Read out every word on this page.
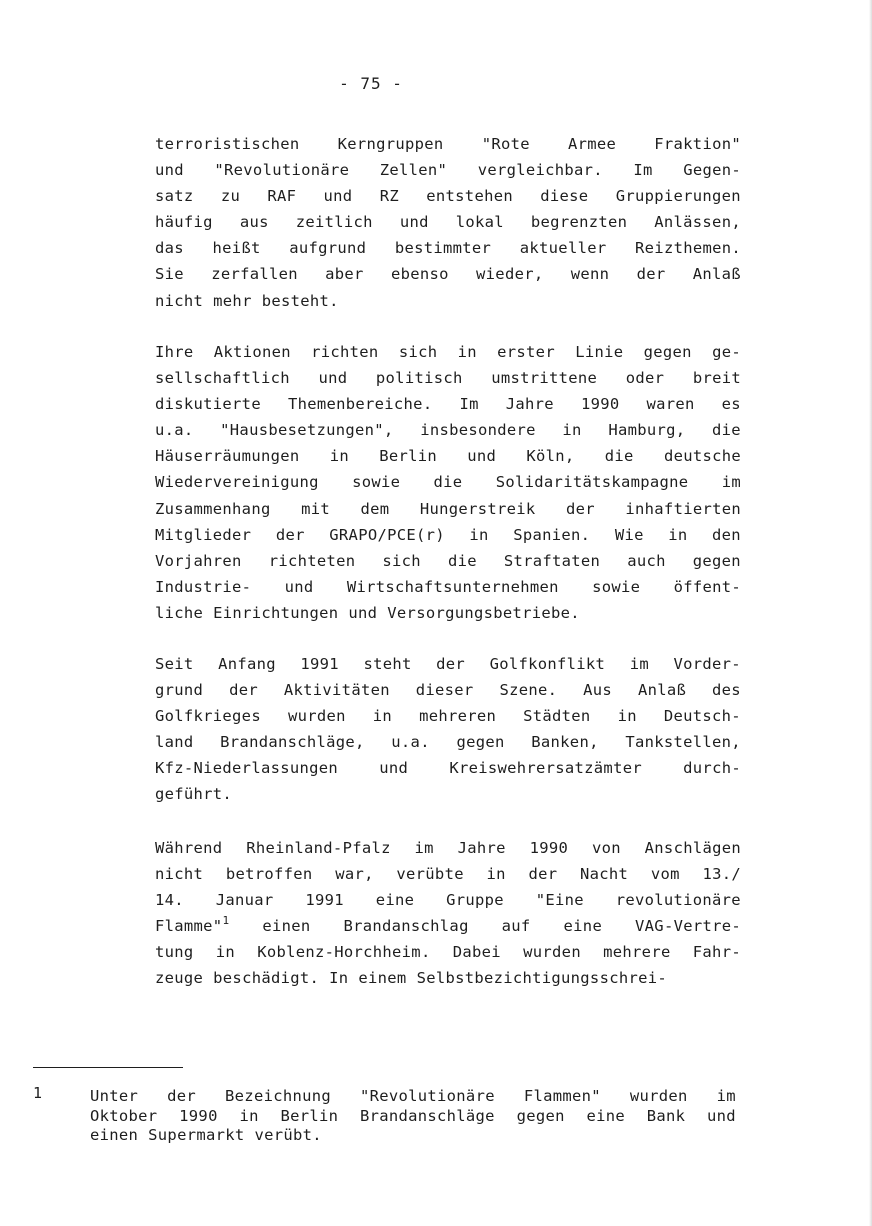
- 75 -
terroristischen Kerngruppen "Rote Armee Fraktion"
und "Revolutionäre Zellen" vergleichbar. Im Gegen-
satz zu RAF und RZ entstehen diese Gruppierungen
häufig aus zeitlich und lokal begrenzten Anlässen,
das heißt aufgrund bestimmter aktueller Reizthemen.
Sie zerfallen aber ebenso wieder, wenn der Anlaß
nicht mehr besteht.
Ihre Aktionen richten sich in erster Linie gegen ge-
sellschaftlich und politisch umstrittene oder breit
diskutierte Themenbereiche. Im Jahre 1990 waren es
u.a. "Hausbesetzungen", insbesondere in Hamburg, die
Häuserräumungen in Berlin und Köln, die deutsche
Wiedervereinigung sowie die Solidaritätskampagne im
Zusammenhang mit dem Hungerstreik der inhaftierten
Mitglieder der GRAPO/PCE(r) in Spanien. Wie in den
Vorjahren richteten sich die Straftaten auch gegen
Industrie- und Wirtschaftsunternehmen sowie öffent-
liche Einrichtungen und Versorgungsbetriebe.
Seit Anfang 1991 steht der Golfkonflikt im Vorder-
grund der Aktivitäten dieser Szene. Aus Anlaß des
Golfkrieges wurden in mehreren Städten in Deutsch-
land Brandanschläge, u.a. gegen Banken, Tankstellen,
Kfz-Niederlassungen	und	Kreiswehrersatzämter	durch-
geführt.
Während Rheinland-Pfalz im Jahre 1990 von Anschlägen
nicht betroffen war, verübte in der Nacht vom 13./
14. Januar 1991 eine Gruppe "Eine revolutionäre
Flamme"$^1$ einen Brandanschlag auf eine VAG-Vertre-
tung in Koblenz-Horchheim. Dabei wurden mehrere Fahr-
zeuge beschädigt. In einem Selbstbezichtigungsschrei-
1	Unter der Bezeichnung "Revolutionäre Flammen" wurden im
Oktober 1990 in Berlin Brandanschläge gegen eine Bank und
einen Supermarkt verübt.
